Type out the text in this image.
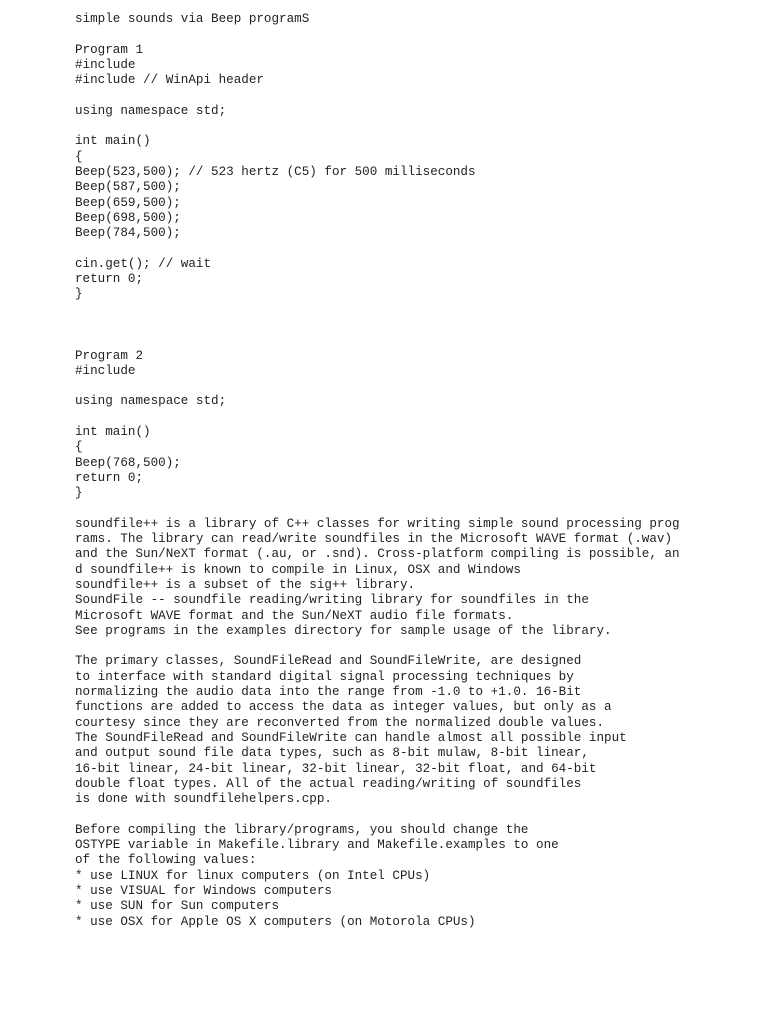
simple sounds via Beep programS
Program 1
#include
#include // WinApi header
using namespace std;
int main()
{
Beep(523,500); // 523 hertz (C5) for 500 milliseconds
Beep(587,500);
Beep(659,500);
Beep(698,500);
Beep(784,500);
cin.get(); // wait
return 0;
}
Program 2
#include
using namespace std;
int main()
{
Beep(768,500);
return 0;
}
soundfile++ is a library of C++ classes for writing simple sound processing prog
rams. The library can read/write soundfiles in the Microsoft WAVE format (.wav)
and the Sun/NeXT format (.au, or .snd). Cross-platform compiling is possible, an
d soundfile++ is known to compile in Linux, OSX and Windows
soundfile++ is a subset of the sig++ library.
SoundFile -- soundfile reading/writing library for soundfiles in the
Microsoft WAVE format and the Sun/NeXT audio file formats.
See programs in the examples directory for sample usage of the library.
The primary classes, SoundFileRead and SoundFileWrite, are designed
to interface with standard digital signal processing techniques by
normalizing the audio data into the range from -1.0 to +1.0. 16-Bit
functions are added to access the data as integer values, but only as a
courtesy since they are reconverted from the normalized double values.
The SoundFileRead and SoundFileWrite can handle almost all possible input
and output sound file data types, such as 8-bit mulaw, 8-bit linear,
16-bit linear, 24-bit linear, 32-bit linear, 32-bit float, and 64-bit
double float types. All of the actual reading/writing of soundfiles
is done with soundfilehelpers.cpp.
Before compiling the library/programs, you should change the
OSTYPE variable in Makefile.library and Makefile.examples to one
of the following values:
* use LINUX for linux computers (on Intel CPUs)
* use VISUAL for Windows computers
* use SUN for Sun computers
* use OSX for Apple OS X computers (on Motorola CPUs)
